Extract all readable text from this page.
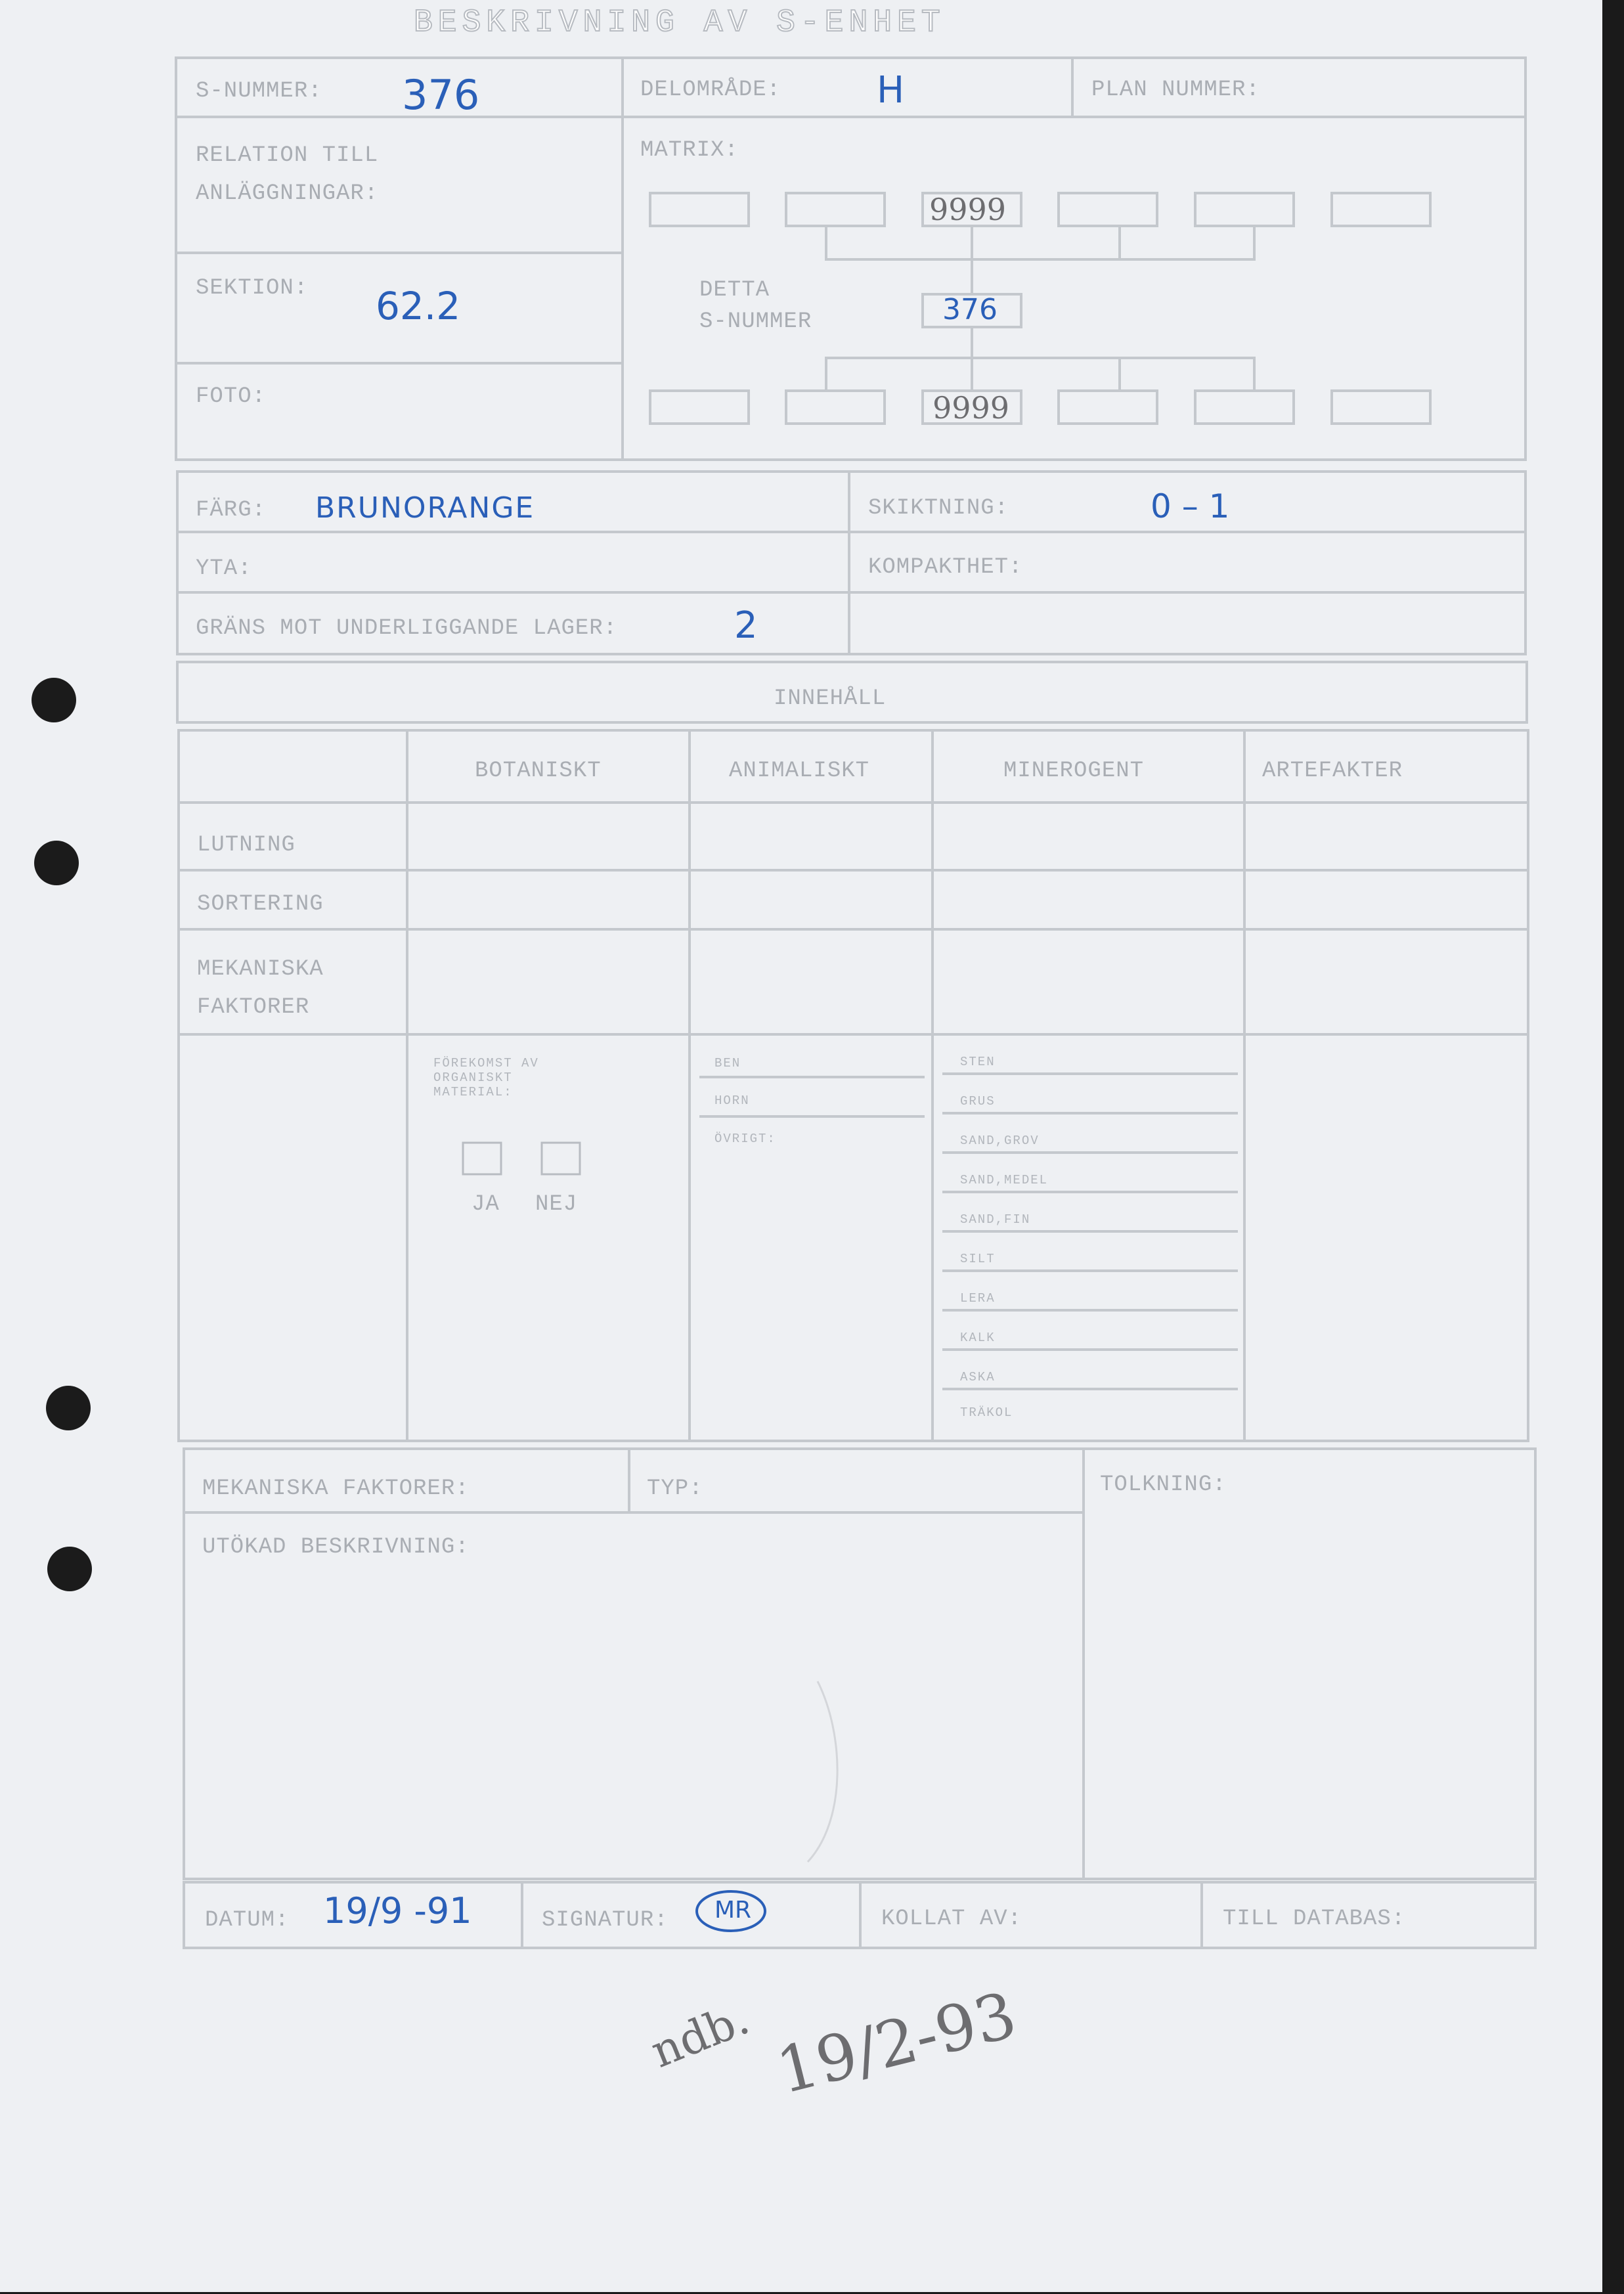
BESKRIVNING AV S-ENHET
S-NUMMER: 376	DELOMRÅDE:	H	PLAN NUMMER:
RELATION TILL
ANLÄGGNINGAR:
MATRIX:
9999
DETTA
S-NUMMER	376
9999
SEKTION: 62.2
FOTO:
FÄRG: BRUNORANGE	SKIKTNING:	0 – 1
YTA:	KOMPAKTHET:
GRÄNS MOT UNDERLIGGANDE LAGER:	2
INNEHÅLL
BOTANISKT	ANIMALISKT	MINEROGENT	ARTEFAKTER
LUTNING
SORTERING
MEKANISKA
FAKTORER
FÖREKOMST AV
ORGANISKT
MATERIAL:
JA NEJ
BEN
HORN
ÖVRIGT:
STEN
GRUS
SAND,GROV
SAND,MEDEL
SAND,FIN
SILT
LERA
KALK
ASKA
TRÄKOL
MEKANISKA FAKTORER:	TYP:	TOLKNING:
UTÖKAD BESKRIVNING:
DATUM: 19/9 -91	SIGNATUR: MR	KOLLAT AV:	TILL DATABAS:
ndb. 19/2-93
